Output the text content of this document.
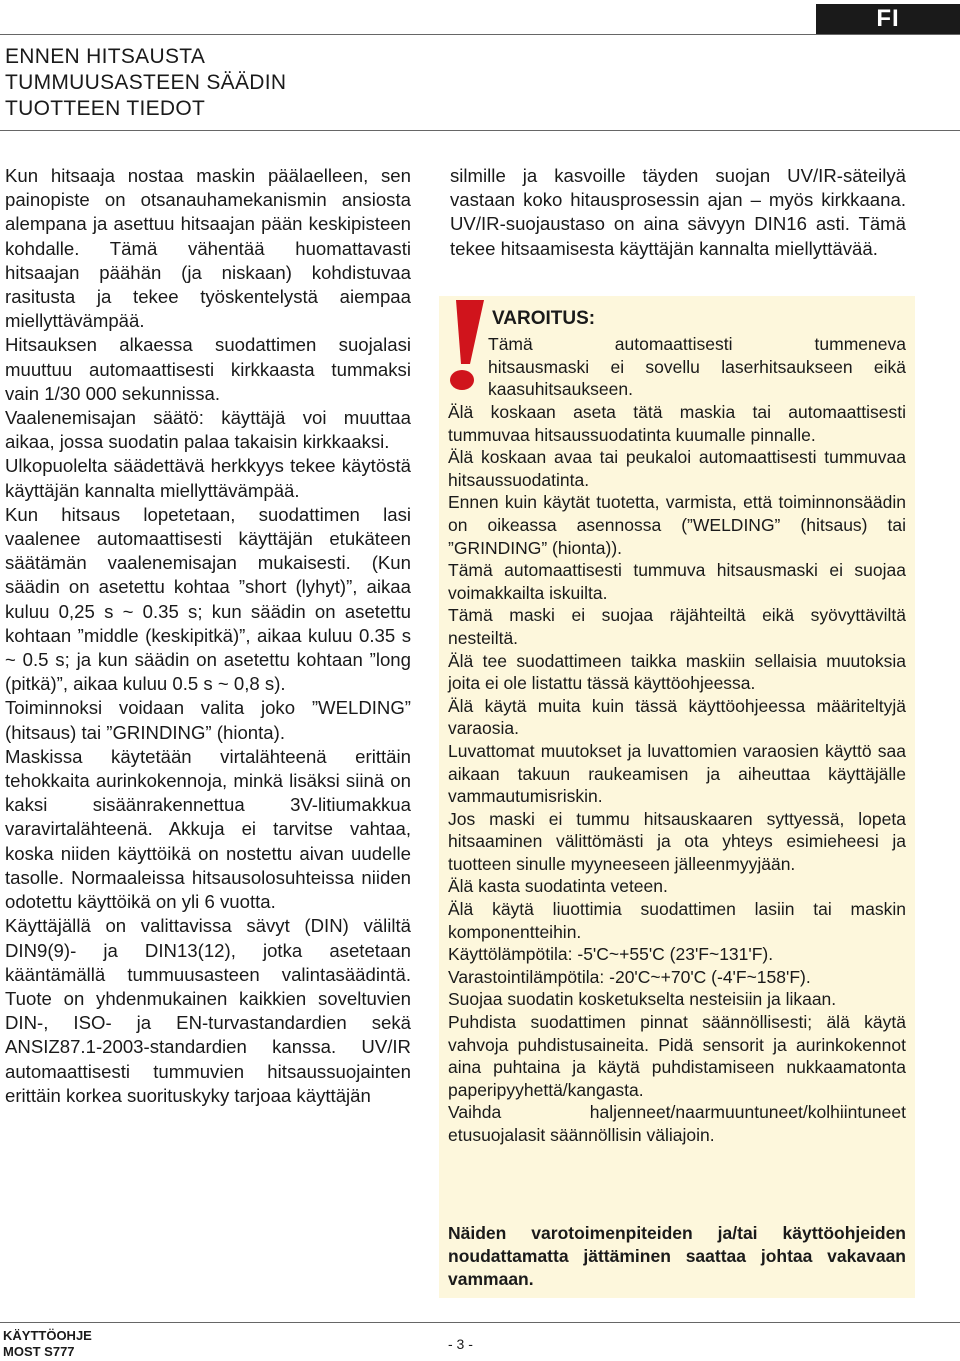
FI
ENNEN HITSAUSTA
TUMMUUSASTEEN SÄÄDIN
TUOTTEEN TIEDOT

Kun hitsaaja nostaa maskin päälaelleen, sen painopiste on otsanauhamekanismin ansiosta alempana ja asettuu hitsaajan pään keskipisteen kohdalle. Tämä vähentää huomattavasti hitsaajan päähän (ja niskaan) kohdistuvaa rasitusta ja tekee työskentelystä aiempaa miellyttävämpää.

Hitsauksen alkaessa suodattimen suojalasi muuttuu automaattisesti kirkkaasta tummaksi vain 1/30 000 sekunnissa.

Vaalenemisajan säätö: käyttäjä voi muuttaa aikaa, jossa suodatin palaa takaisin kirkkaaksi.

Ulkopuolelta säädettävä herkkyys tekee käytöstä käyttäjän kannalta miellyttävämpää.

Kun hitsaus lopetetaan, suodattimen lasi vaalenee automaattisesti käyttäjän etukäteen säätämän vaalenemisajan mukaisesti. (Kun säädin on asetettu kohtaa ”short (lyhyt)”, aikaa kuluu 0,25 s ~ 0.35 s; kun säädin on asetettu kohtaan ”middle (keskipitkä)”, aikaa kuluu 0.35 s ~ 0.5 s; ja kun säädin on asetettu kohtaan ”long (pitkä)”, aikaa kuluu 0.5 s ~ 0,8 s).

Toiminnoksi voidaan valita joko ”WELDING” (hitsaus) tai ”GRINDING” (hionta).

Maskissa käytetään virtalähteenä erittäin tehokkaita aurinkokennoja, minkä lisäksi siinä on kaksi sisäänrakennettua 3V-litiumakkua varavirtalähteenä. Akkuja ei tarvitse vahtaa, koska niiden käyttöikä on nostettu aivan uudelle tasolle. Normaaleissa hitsausolosuhteissa niiden odotettu käyttöikä on yli 6 vuotta.

Käyttäjällä on valittavissa sävyt (DIN) väliltä DIN9(9)- ja DIN13(12), jotka asetetaan kääntämällä tummuusasteen valintasäädintä. Tuote on yhdenmukainen kaikkien soveltuvien DIN-, ISO- ja EN-turvastandardien sekä ANSIZ87.1-2003-standardien kanssa. UV/IR automaattisesti tummuvien hitsaussuojainten erittäin korkea suorituskyky tarjoaa käyttäjän

silmille ja kasvoille täyden suojan UV/IR-säteilyä vastaan koko hitausprosessin ajan – myös kirkkaana. UV/IR-suojaustaso on aina sävyyn DIN16 asti. Tämä tekee hitsaamisesta käyttäjän kannalta miellyttävää.

VAROITUS:

Tämä automaattisesti tummeneva

hitsausmaski ei sovellu laserhitsaukseen eikä kaasuhitsaukseen.

Älä koskaan aseta tätä maskia tai automaattisesti tummuvaa hitsaussuodatinta kuumalle pinnalle.

Älä koskaan avaa tai peukaloi automaattisesti tummuvaa hitsaussuodatinta.

Ennen kuin käytät tuotetta, varmista, että toiminnonsäädin on oikeassa asennossa (”WELDING” (hitsaus) tai ”GRINDING” (hionta)).

Tämä automaattisesti tummuva hitsausmaski ei suojaa voimakkailta iskuilta.

Tämä maski ei suojaa räjähteiltä eikä syövyttäviltä nesteiltä.

Älä tee suodattimeen taikka maskiin sellaisia muutoksia joita ei ole listattu tässä käyttöohjeessa.

Älä käytä muita kuin tässä käyttöohjeessa määriteltyjä varaosia.

Luvattomat muutokset ja luvattomien varaosien käyttö saa aikaan takuun raukeamisen ja aiheuttaa käyttäjälle vammautumisriskin.

Jos maski ei tummu hitsauskaaren syttyessä, lopeta hitsaaminen välittömästi ja ota yhteys esimieheesi ja tuotteen sinulle myyneeseen jälleenmyyjään.

Älä kasta suodatinta veteen.

Älä käytä liuottimia suodattimen lasiin tai maskin komponentteihin.

Käyttölämpötila: -5'C~+55'C (23'F~131'F).

Varastointilämpötila: -20'C~+70'C (-4'F~158'F).

Suojaa suodatin kosketukselta nesteisiin ja likaan.

Puhdista suodattimen pinnat säännöllisesti; älä käytä vahvoja puhdistusaineita. Pidä sensorit ja aurinkokennot aina puhtaina ja käytä puhdistamiseen nukkaamatonta paperipyyhettä/kangasta.

Vaihda haljenneet/naarmuuntuneet/kolhiintuneet etusuojalasit säännöllisin väliajoin.

Näiden varotoimenpiteiden ja/tai käyttöohjeiden noudattamatta jättäminen saattaa johtaa vakavaan vammaan.
KÄYTTÖOHJE
MOST S777	- 3 -
